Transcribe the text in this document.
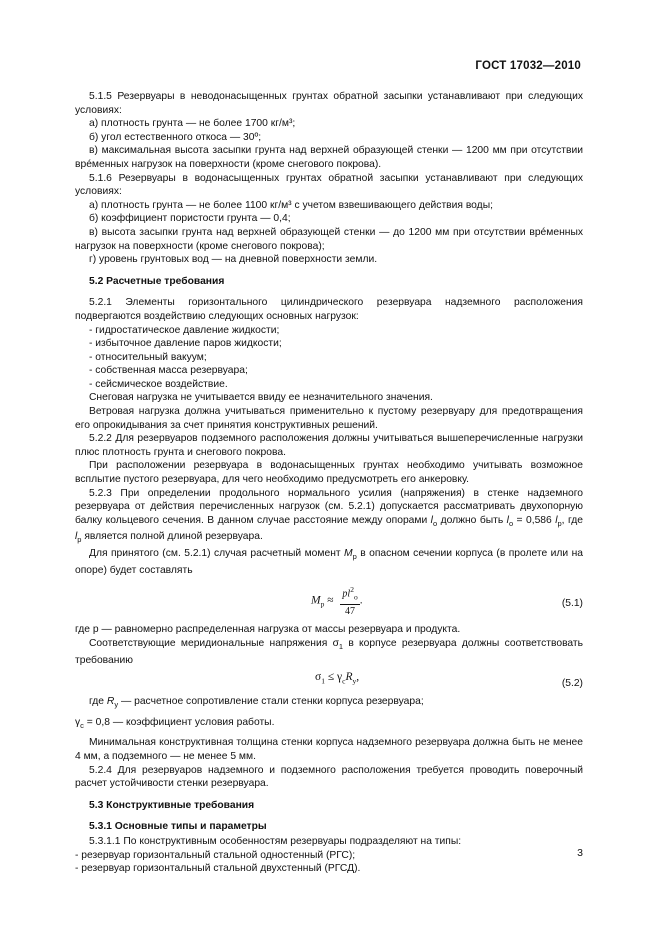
ГОСТ 17032—2010

5.1.5 Резервуары в неводонасыщенных грунтах обратной засыпки устанавливают при следующих условиях:

а) плотность грунта — не более 1700 кг/м³;

б) угол естественного откоса — 30º;

в) максимальная высота засыпки грунта над верхней образующей стенки — 1200 мм при отсутствии врéменных нагрузок на поверхности (кроме снегового покрова).

5.1.6 Резервуары в водонасыщенных грунтах обратной засыпки устанавливают при следующих условиях:

а) плотность грунта — не более 1100 кг/м³ с учетом взвешивающего действия воды;

б) коэффициент пористости грунта — 0,4;

в) высота засыпки грунта над верхней образующей стенки — до 1200 мм при отсутствии врéменных нагрузок на поверхности (кроме снегового покрова);

г) уровень грунтовых вод — на дневной поверхности земли.

5.2 Расчетные требования

5.2.1 Элементы горизонтального цилиндрического резервуара надземного расположения подвергаются воздействию следующих основных нагрузок:

- гидростатическое давление жидкости;

- избыточное давление паров жидкости;

- относительный вакуум;

- собственная масса резервуара;

- сейсмическое воздействие.

Снеговая нагрузка не учитывается ввиду ее незначительного значения.

Ветровая нагрузка должна учитываться применительно к пустому резервуару для предотвращения его опрокидывания за счет принятия конструктивных решений.

5.2.2 Для резервуаров подземного расположения должны учитываться вышеперечисленные нагрузки плюс плотность грунта и снегового покрова.

При расположении резервуара в водонасыщенных грунтах необходимо учитывать возможное всплытие пустого резервуара, для чего необходимо предусмотреть его анкеровку.

5.2.3 При определении продольного нормального усилия (напряжения) в стенке надземного резервуара от действия перечисленных нагрузок (см. 5.2.1) допускается рассматривать двухопорную балку кольцевого сечения. В данном случае расстояние между опорами $l_о$ должно быть $l_о = 0,586$ $l_р$, где $l_р$ является полной длиной резервуара.

Для принятого (см. 5.2.1) случая расчетный момент $M_р$ в опасном сечении корпуса (в пролете или на опоре) будет составлять

$M_р \approx \frac{pl^2_о}{47}$ .	(5.1)

где p — равномерно распределенная нагрузка от массы резервуара и продукта.

Соответствующие меридиональные напряжения $\sigma_1$ в корпусе резервуара должны соответствовать требованию

$\sigma_1 \le \gamma_cR_y$,
(5.2)

где $R_y$ — расчетное сопротивление стали стенки корпуса резервуара;

$\gamma_c = 0,8$ — коэффициент условия работы.

Минимальная конструктивная толщина стенки корпуса надземного резервуара должна быть не менее 4 мм, а подземного — не менее 5 мм.

5.2.4 Для резервуаров надземного и подземного расположения требуется проводить поверочный расчет устойчивости стенки резервуара.

5.3 Конструктивные требования

5.3.1 Основные типы и параметры

5.3.1.1 По конструктивным особенностям резервуары подразделяют на типы:

- резервуар горизонтальный стальной одностенный (РГС);

- резервуар горизонтальный стальной двухстенный (РГСД).

3
